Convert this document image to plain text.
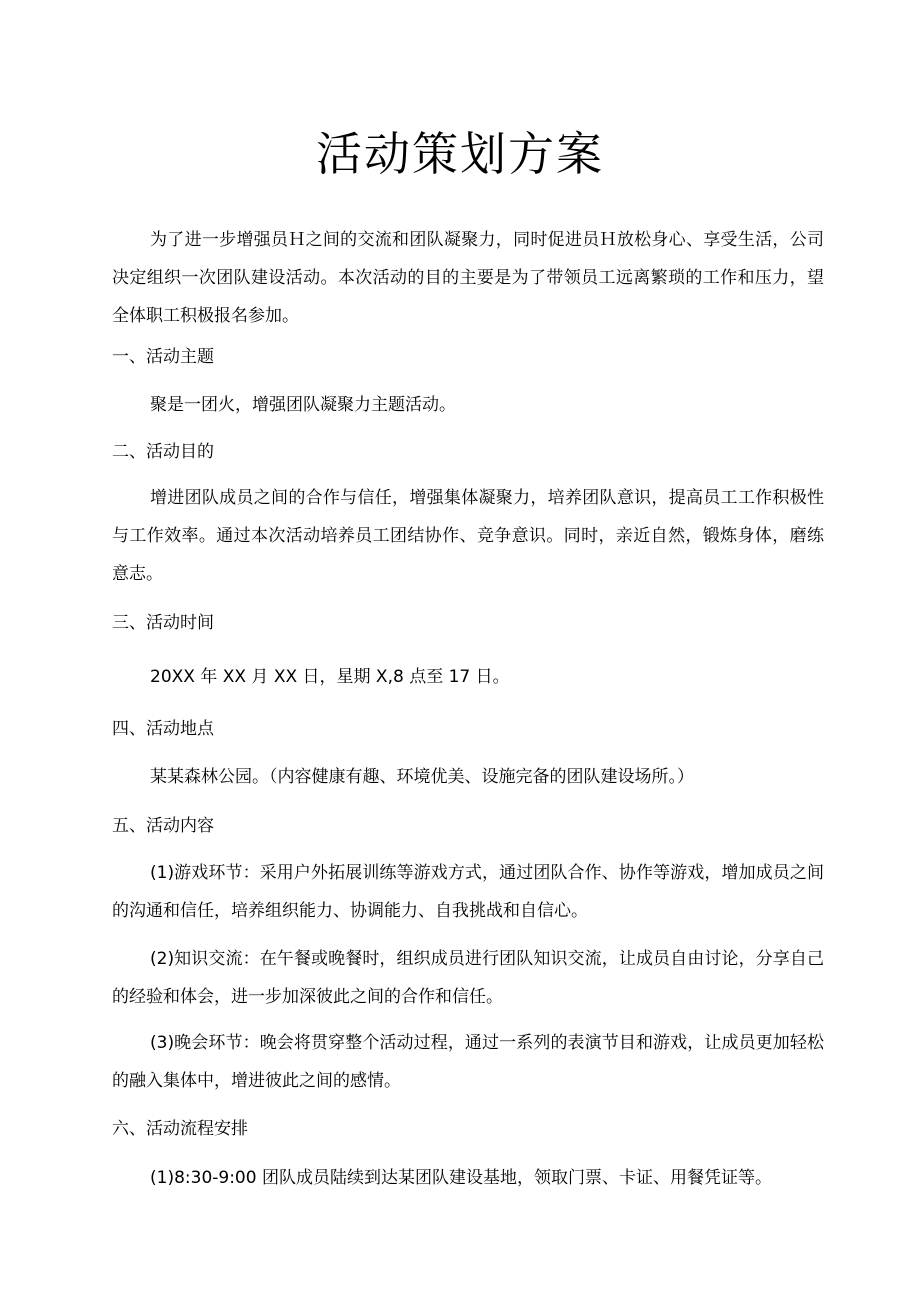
活动策划方案
为了进一步增强员Ｈ之间的交流和团队凝聚力，同时促进员Ｈ放松身心、享受生活，公司决定组织一次团队建设活动。本次活动的目的主要是为了带领员工远离繁琐的工作和压力，望全体职工积极报名参加。
一、活动主题
聚是一团火，增强团队凝聚力主题活动。
二、活动目的
增进团队成员之间的合作与信任，增强集体凝聚力，培养团队意识，提高员工工作积极性与工作效率。通过本次活动培养员工团结协作、竞争意识。同时，亲近自然，锻炼身体，磨练意志。
三、活动时间
20XX 年 XX 月 XX 日，星期 X,8 点至 17 日。
四、活动地点
某某森林公园。（内容健康有趣、环境优美、设施完备的团队建设场所。）
五、活动内容
(1)游戏环节：采用户外拓展训练等游戏方式，通过团队合作、协作等游戏，增加成员之间的沟通和信任，培养组织能力、协调能力、自我挑战和自信心。
(2)知识交流：在午餐或晚餐时，组织成员进行团队知识交流，让成员自由讨论，分享自己的经验和体会，进一步加深彼此之间的合作和信任。
(3)晚会环节：晚会将贯穿整个活动过程，通过一系列的表演节目和游戏，让成员更加轻松的融入集体中，增进彼此之间的感情。
六、活动流程安排
(1)8:30-9:00 团队成员陆续到达某团队建设基地，领取门票、卡证、用餐凭证等。
